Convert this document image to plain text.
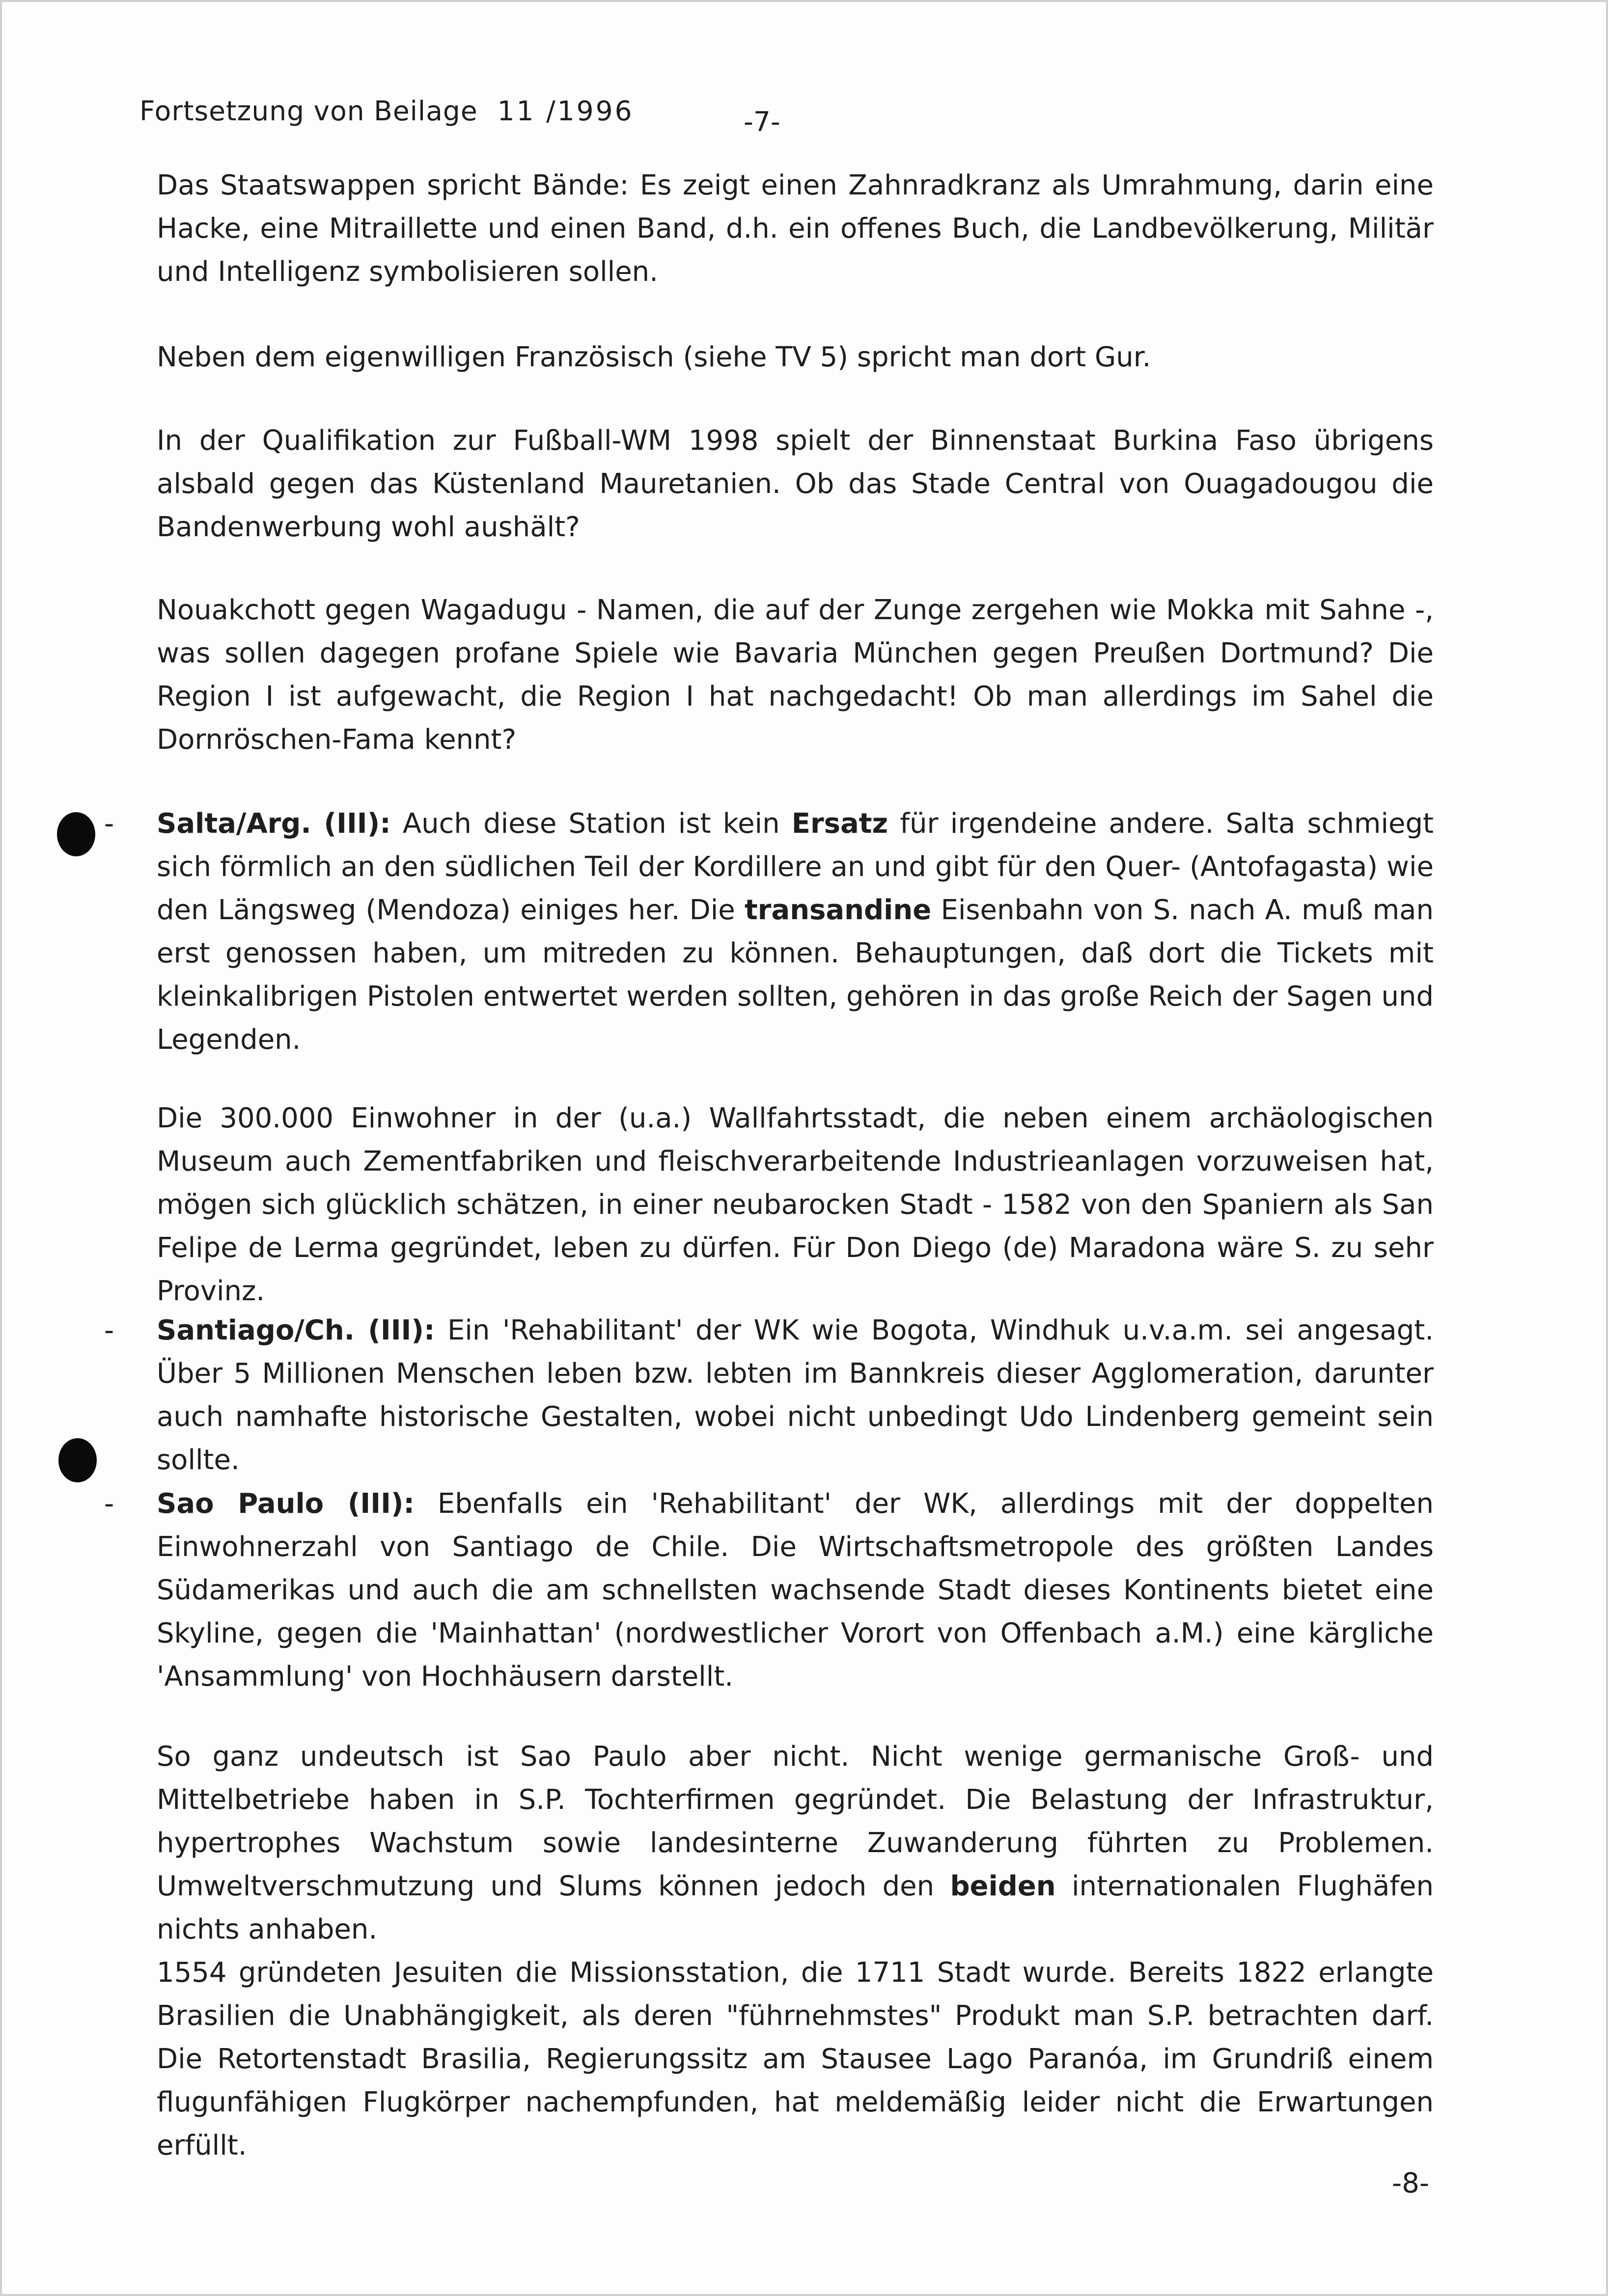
Fortsetzung von Beilage 11 /1996	-7-
Das Staatswappen spricht Bände: Es zeigt einen Zahnradkranz als Umrahmung, darin eine Hacke, eine Mitraillette und einen Band, d.h. ein offenes Buch, die Landbevölkerung, Militär und Intelligenz symbolisieren sollen.
Neben dem eigenwilligen Französisch (siehe TV 5) spricht man dort Gur.
In der Qualifikation zur Fußball-WM 1998 spielt der Binnenstaat Burkina Faso übrigens alsbald gegen das Küstenland Mauretanien. Ob das Stade Central von Ouagadougou die Bandenwerbung wohl aushält?
Nouakchott gegen Wagadugu - Namen, die auf der Zunge zergehen wie Mokka mit Sahne -, was sollen dagegen profane Spiele wie Bavaria München gegen Preußen Dortmund? Die Region I ist aufgewacht, die Region I hat nachgedacht! Ob man allerdings im Sahel die Dornröschen-Fama kennt?
- Salta/Arg. (III): Auch diese Station ist kein Ersatz für irgendeine andere. Salta schmiegt sich förmlich an den südlichen Teil der Kordillere an und gibt für den Quer- (Antofagasta) wie den Längsweg (Mendoza) einiges her. Die transandine Eisenbahn von S. nach A. muß man erst genossen haben, um mitreden zu können. Behauptungen, daß dort die Tickets mit kleinkalibrigen Pistolen entwertet werden sollten, gehören in das große Reich der Sagen und Legenden.
Die 300.000 Einwohner in der (u.a.) Wallfahrtsstadt, die neben einem archäologischen Museum auch Zementfabriken und fleischverarbeitende Industrieanlagen vorzuweisen hat, mögen sich glücklich schätzen, in einer neubarocken Stadt - 1582 von den Spaniern als San Felipe de Lerma gegründet, leben zu dürfen. Für Don Diego (de) Maradona wäre S. zu sehr Provinz.
- Santiago/Ch. (III): Ein 'Rehabilitant' der WK wie Bogota, Windhuk u.v.a.m. sei angesagt. Über 5 Millionen Menschen leben bzw. lebten im Bannkreis dieser Agglomeration, darunter auch namhafte historische Gestalten, wobei nicht unbedingt Udo Lindenberg gemeint sein sollte.
- Sao Paulo (III): Ebenfalls ein 'Rehabilitant' der WK, allerdings mit der doppelten Einwohnerzahl von Santiago de Chile. Die Wirtschaftsmetropole des größten Landes Südamerikas und auch die am schnellsten wachsende Stadt dieses Kontinents bietet eine Skyline, gegen die 'Mainhattan' (nordwestlicher Vorort von Offenbach a.M.) eine kärgliche 'Ansammlung' von Hochhäusern darstellt.
So ganz undeutsch ist Sao Paulo aber nicht. Nicht wenige germanische Groß- und Mittelbetriebe haben in S.P. Tochterfirmen gegründet. Die Belastung der Infrastruktur, hypertrophes Wachstum sowie landesinterne Zuwanderung führten zu Problemen. Umweltverschmutzung und Slums können jedoch den beiden internationalen Flughäfen nichts anhaben.
1554 gründeten Jesuiten die Missionsstation, die 1711 Stadt wurde. Bereits 1822 erlangte Brasilien die Unabhängigkeit, als deren "führnehmstes" Produkt man S.P. betrachten darf. Die Retortenstadt Brasilia, Regierungssitz am Stausee Lago Paranóa, im Grundriß einem flugunfähigen Flugkörper nachempfunden, hat meldemäßig leider nicht die Erwartungen erfüllt.
-8-
